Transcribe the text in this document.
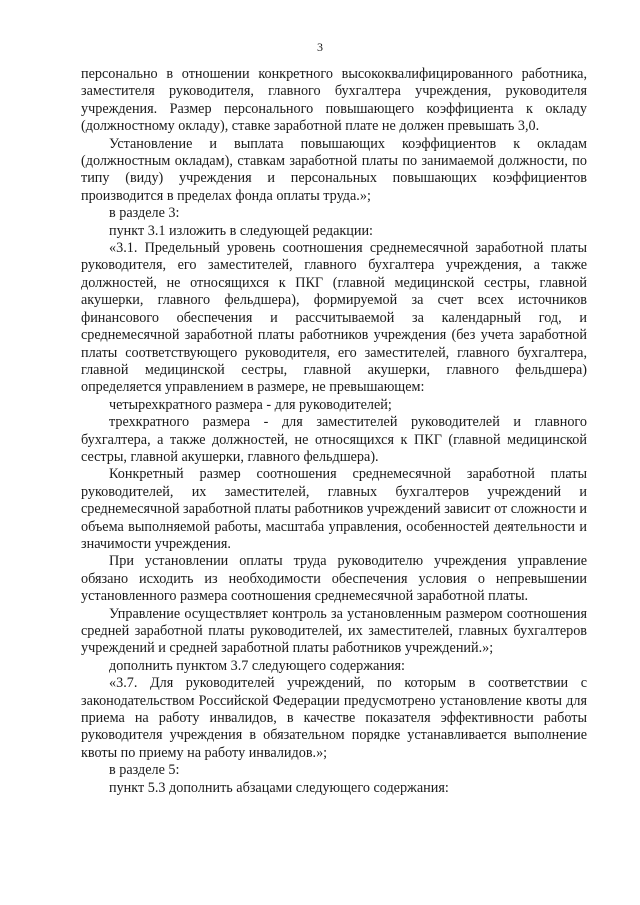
3

персонально в отношении конкретного высококвалифицированного работника, заместителя руководителя, главного бухгалтера учреждения, руководителя учреждения. Размер персонального повышающего коэффициента к окладу (должностному окладу), ставке заработной плате не должен превышать 3,0.

Установление и выплата повышающих коэффициентов к окладам (должностным окладам), ставкам заработной платы по занимаемой должности, по типу (виду) учреждения и персональных повышающих коэффициентов производится в пределах фонда оплаты труда.»;

в разделе 3:

пункт 3.1 изложить в следующей редакции:

«3.1. Предельный уровень соотношения среднемесячной заработной платы руководителя, его заместителей, главного бухгалтера учреждения, а также должностей, не относящихся к ПКГ (главной медицинской сестры, главной акушерки, главного фельдшера), формируемой за счет всех источников финансового обеспечения и рассчитываемой за календарный год, и среднемесячной заработной платы работников учреждения (без учета заработной платы соответствующего руководителя, его заместителей, главного бухгалтера, главной медицинской сестры, главной акушерки, главного фельдшера) определяется управлением в размере, не превышающем:

четырехкратного размера - для руководителей;

трехкратного размера - для заместителей руководителей и главного бухгалтера, а также должностей, не относящихся к ПКГ (главной медицинской сестры, главной акушерки, главного фельдшера).

Конкретный размер соотношения среднемесячной заработной платы руководителей, их заместителей, главных бухгалтеров учреждений и среднемесячной заработной платы работников учреждений зависит от сложности и объема выполняемой работы, масштаба управления, особенностей деятельности и значимости учреждения.

При установлении оплаты труда руководителю учреждения управление обязано исходить из необходимости обеспечения условия о непревышении установленного размера соотношения среднемесячной заработной платы.

Управление осуществляет контроль за установленным размером соотношения средней заработной платы руководителей, их заместителей, главных бухгалтеров учреждений и средней заработной платы работников учреждений.»;

дополнить пунктом 3.7 следующего содержания:

«3.7. Для руководителей учреждений, по которым в соответствии с законодательством Российской Федерации предусмотрено установление квоты для приема на работу инвалидов, в качестве показателя эффективности работы руководителя учреждения в обязательном порядке устанавливается выполнение квоты по приему на работу инвалидов.»;

в разделе 5:

пункт 5.3 дополнить абзацами следующего содержания:
